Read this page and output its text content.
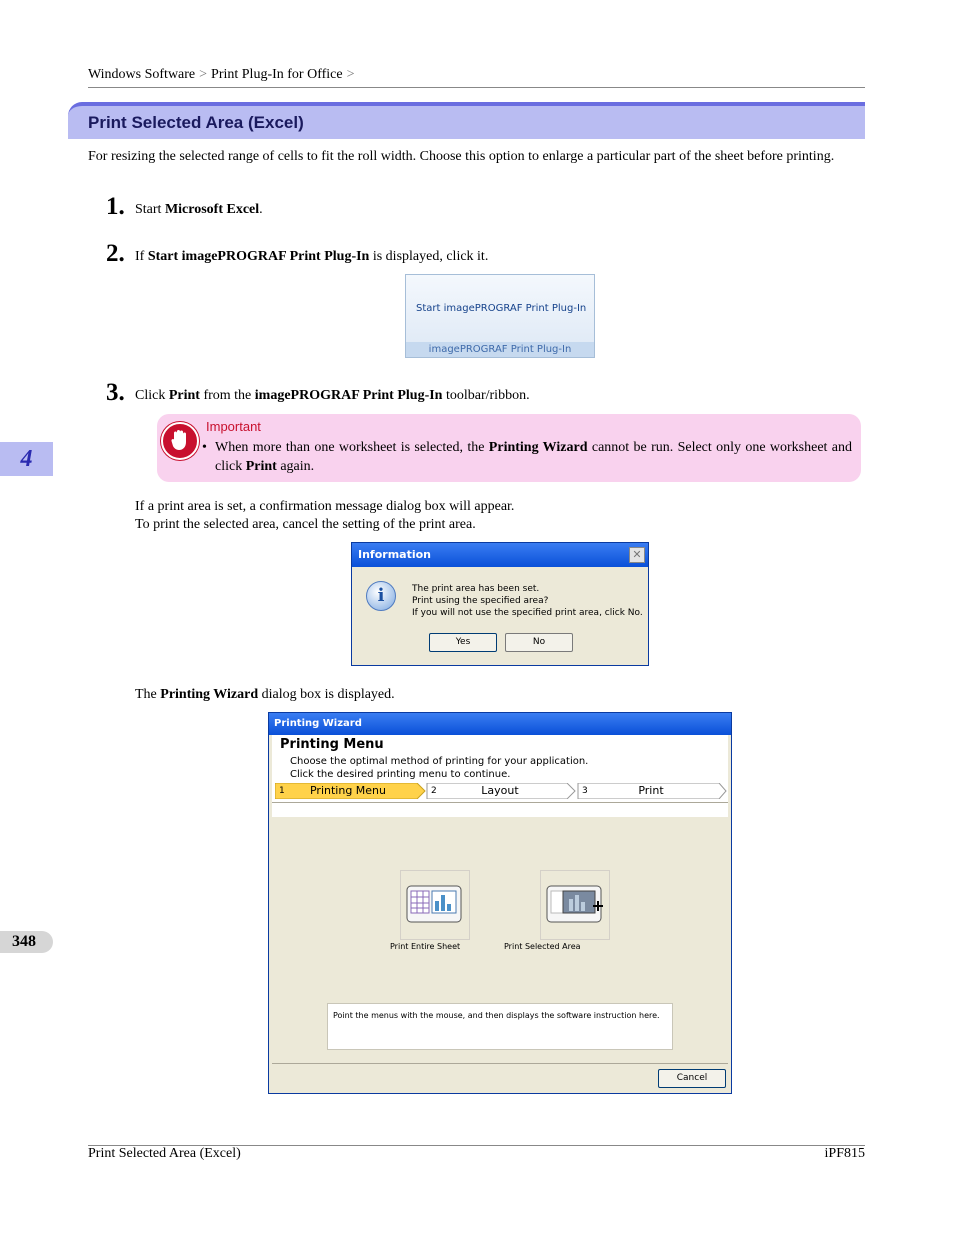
Windows Software > Print Plug-In for Office >
Print Selected Area (Excel)
For resizing the selected range of cells to fit the roll width. Choose this option to enlarge a particular part of the sheet before printing.
4
348
1. Start Microsoft Excel.
2. If Start imagePROGRAF Print Plug-In is displayed, click it.
Start imagePROGRAF Print Plug-In
imagePROGRAF Print Plug-In
3. Click Print from the imagePROGRAF Print Plug-In toolbar/ribbon.
Important
• When more than one worksheet is selected, the Printing Wizard cannot be run. Select only one worksheet and click Print again.
If a print area is set, a confirmation message dialog box will appear.
To print the selected area, cancel the setting of the print area.
Information	✕
i	The print area has been set.
Print using the specified area?
If you will not use the specified print area, click No.
Yes	No
The Printing Wizard dialog box is displayed.
Printing Wizard
Printing Menu
Choose the optimal method of printing for your application.
Click the desired printing menu to continue.
1	Printing Menu	2	Layout	3	Print
Print Entire Sheet	Print Selected Area
Point the menus with the mouse, and then displays the software instruction here.
Cancel
Print Selected Area (Excel)	iPF815
